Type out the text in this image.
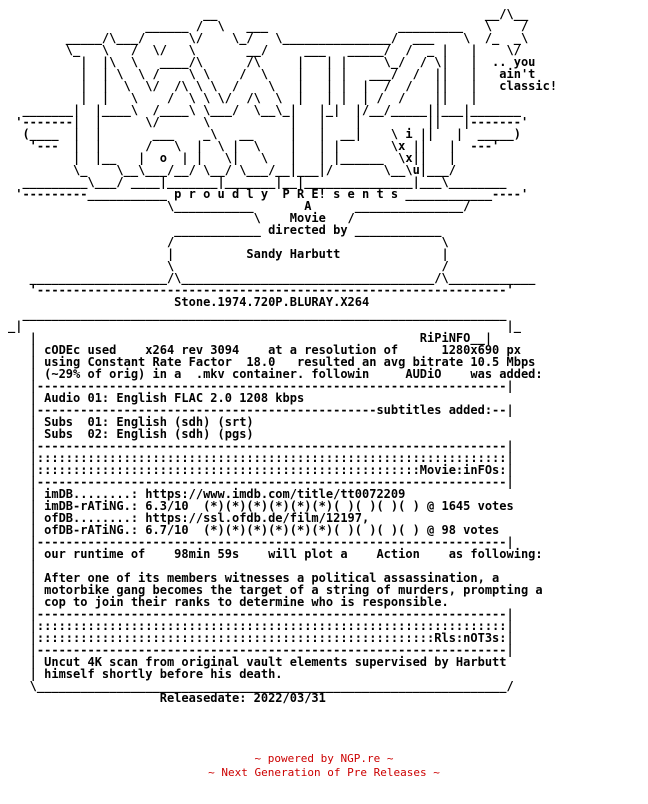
__                                     __/\__
______ /  \   ___                  _________   \    /
_____/\___/      \/    \_/   \_______________/  ___    \  /_  _\
\_   \   /  \/   \       __/     ___   _____/  /  _ |   |    \/
|  |\  \   ____/\      /\     |   | |     \_/  / \|   |  .. you
|  | \  \ /    \ \    /  \    |   | |   ___/  /  ||   |   ain't
|  |  \  \/  /\ \ \  /    \   |   | |  |  /  /   ||   |   classic!
|  |   \    /  \ \ \/  /\  \  |   | |  | /  /    ||   |
_______|  |____\  /____\ \___/  \__\_|   |_|  |/__/_____||___|_______
'-------|  |      \/      \           |   |    |         ||   |-------'
(____  |  |       ___    _\   __     |   |  __|    \ i ||   |  _____)
'---  |  |      /   \  |  \ |  \    |   | |       \x ||   |  ---'
|  |__   |  o  | |   \|   \   |   | |______  \x||   |
\_    \__\___/__/ \__/ \___/__|___|/       \__\u|___/
_________\___/ ____|_______|_______|__|_______________|___\________
'---------___________ p r o u d l y  P R E! s e n t s ____________----'
\___________       A      _______________/
\    Movie   /
____________ directed by ____________
/                                     \
|          Sandy Harbutt              |
\                                     /
___________________/\___________________________________/\____________
'-----------------------------------------------------------------'
Stone.1974.720P.BLURAY.X264
___________________________________________________________________
_|                                                                   |_
|                                                     RiPiNFO__|
| cODEc used    x264 rev 3094    at a resolution of      1280x690 px
| using Constant Rate Factor  18.0   resulted an avg bitrate 10.5 Mbps
| (~29% of orig) in a  .mkv container. followin     AUDiO    was added:
|-----------------------------------------------------------------|
| Audio 01: English FLAC 2.0 1208 kbps
|-----------------------------------------------subtitles added:--|
| Subs  01: English (sdh) (srt)
| Subs  02: English (sdh) (pgs)
|-----------------------------------------------------------------|
|:::::::::::::::::::::::::::::::::::::::::::::::::::::::::::::::::|
|:::::::::::::::::::::::::::::::::::::::::::::::::::::Movie:inFOs:|
|-----------------------------------------------------------------|
| imDB........: https://www.imdb.com/title/tt0072209
| imDB-rATiNG.: 6.3/10  (*)(*)(*)(*)(*)(*)( )( )( )( ) @ 1645 votes
| ofDB........: https://ssl.ofdb.de/film/12197,
| ofDB-rATiNG.: 6.7/10  (*)(*)(*)(*)(*)(*)( )( )( )( ) @ 98 votes
|-----------------------------------------------------------------|
| our runtime of    98min 59s    will plot a    Action    as following:
|
| After one of its members witnesses a political assassination, a
| motorbike gang becomes the target of a string of murders, prompting a
| cop to join their ranks to determine who is responsible.
|-----------------------------------------------------------------|
|:::::::::::::::::::::::::::::::::::::::::::::::::::::::::::::::::|
|:::::::::::::::::::::::::::::::::::::::::::::::::::::::Rls:nOT3s:|
|-----------------------------------------------------------------|
| Uncut 4K scan from original vault elements supervised by Harbutt
| himself shortly before his death.
\_________________________________________________________________/
Releasedate: 2022/03/31

~ powered by NGP.re ~
~ Next Generation of Pre Releases ~
